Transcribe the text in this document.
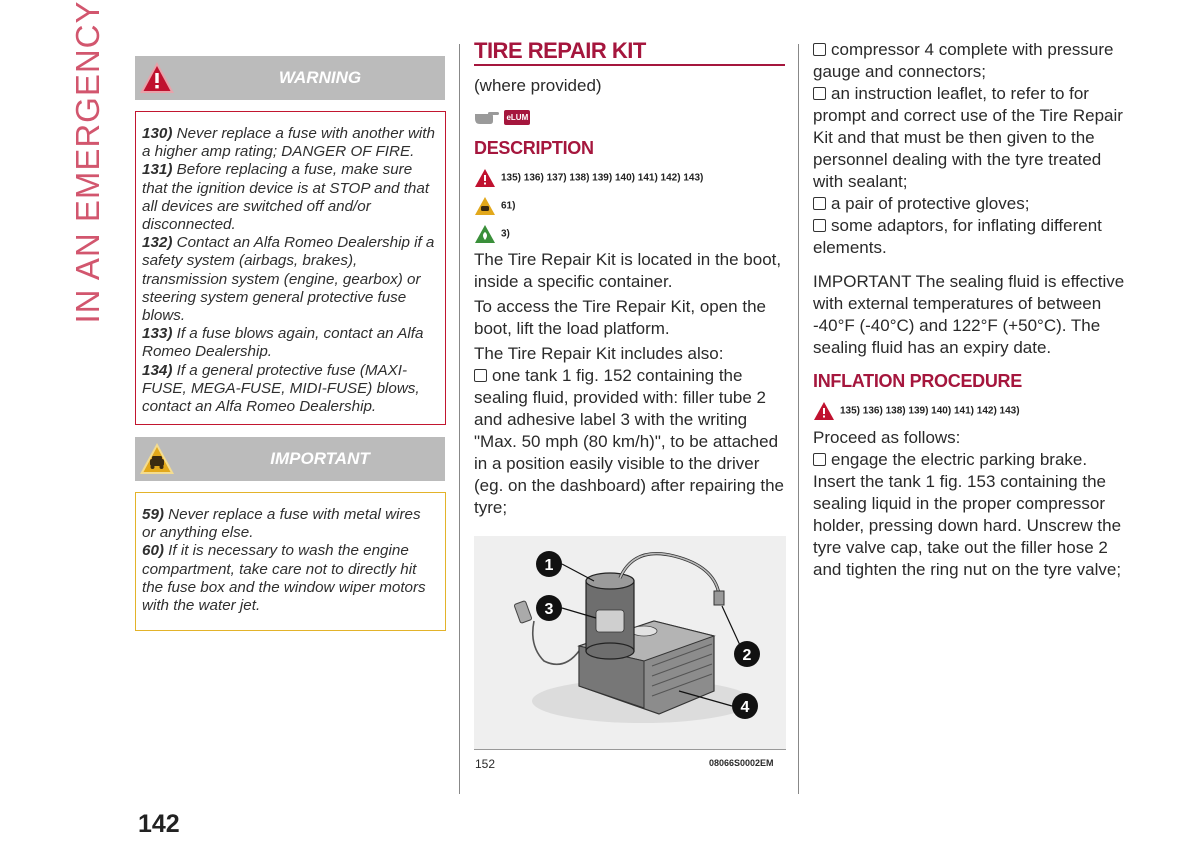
IN AN EMERGENCY	WARNING

130) Never replace a fuse with another with a higher amp rating; DANGER OF FIRE.

131) Before replacing a fuse, make sure that the ignition device is at STOP and that all devices are switched off and/or disconnected.

132) Contact an Alfa Romeo Dealership if a safety system (airbags, brakes), transmission system (engine, gearbox) or steering system general protective fuse blows.

133) If a fuse blows again, contact an Alfa Romeo Dealership.

134) If a general protective fuse (MAXI-FUSE, MEGA-FUSE, MIDI-FUSE) blows, contact an Alfa Romeo Dealership.

IMPORTANT

59) Never replace a fuse with metal wires or anything else.

60) If it is necessary to wash the engine compartment, take care not to directly hit the fuse box and the window wiper motors with the water jet.

142
TIRE REPAIR KIT
(where provided)
eLUM
DESCRIPTION
135) 136) 137) 138) 139) 140) 141) 142) 143)
61)
3)

The Tire Repair Kit is located in the boot, inside a specific container.

To access the Tire Repair Kit, open the boot, lift the load platform.

The Tire Repair Kit includes also:

one tank 1 fig. 152 containing the sealing fluid, provided with: filler tube 2 and adhesive label 3 with the writing "Max. 50 mph (80 km/h)", to be attached in a position easily visible to the driver (eg. on the dashboard) after repairing the tyre;

1
3
2
4
152	08066S0002EM

compressor 4 complete with pressure gauge and connectors;

an instruction leaflet, to refer to for prompt and correct use of the Tire Repair Kit and that must be then given to the personnel dealing with the tyre treated with sealant;

a pair of protective gloves;

some adaptors, for inflating different elements.

IMPORTANT The sealing fluid is effective with external temperatures of between -40°F (-40°C) and 122°F (+50°C). The sealing fluid has an expiry date.

INFLATION PROCEDURE
135) 136) 138) 139) 140) 141) 142) 143)

Proceed as follows:

engage the electric parking brake. Insert the tank 1 fig. 153 containing the sealing liquid in the proper compressor holder, pressing down hard. Unscrew the tyre valve cap, take out the filler hose 2 and tighten the ring nut on the tyre valve;
